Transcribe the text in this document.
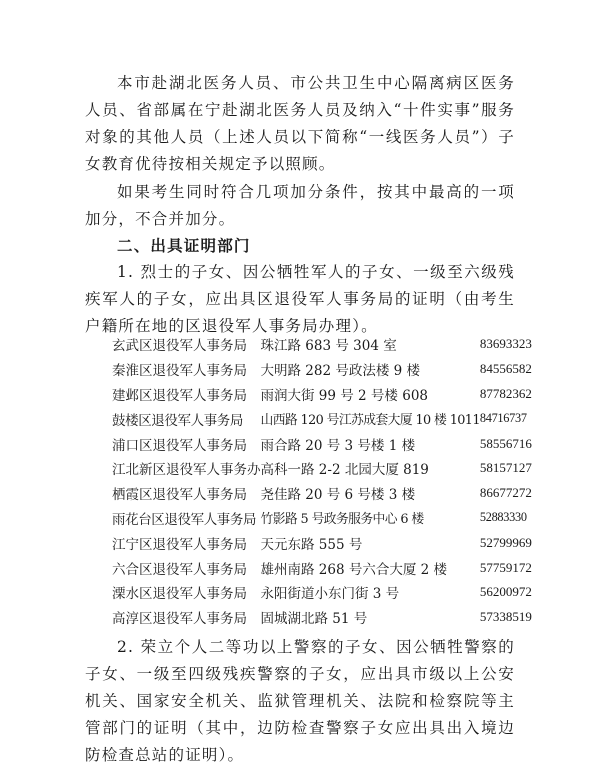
本市赴湖北医务人员、市公共卫生中心隔离病区医务人员、省部属在宁赴湖北医务人员及纳入“十件实事”服务对象的其他人员（上述人员以下简称“一线医务人员”）子女教育优待按相关规定予以照顾。

如果考生同时符合几项加分条件，按其中最高的一项加分，不合并加分。

二、出具证明部门

1. 烈士的子女、因公牺牲军人的子女、一级至六级残疾军人的子女，应出具区退役军人事务局的证明（由考生户籍所在地的区退役军人事务局办理）。

玄武区退役军人事务局	珠江路 683 号 304 室	83693323
秦淮区退役军人事务局	大明路 282 号政法楼 9 楼	84556582
建邺区退役军人事务局	雨润大街 99 号 2 号楼 608	87782362
鼓楼区退役军人事务局	山西路 120 号江苏成套大厦 10 楼 1011	84716737
浦口区退役军人事务局	雨合路 20 号 3 号楼 1 楼	58556716
江北新区退役军人事务办	高科一路 2-2 北园大厦 819	58157127
栖霞区退役军人事务局	尧佳路 20 号 6 号楼 3 楼	86677272
雨花台区退役军人事务局	竹影路 5 号政务服务中心 6 楼	52883330
江宁区退役军人事务局	天元东路 555 号	52799969
六合区退役军人事务局	雄州南路 268 号六合大厦 2 楼	57759172
溧水区退役军人事务局	永阳街道小东门街 3 号	56200972
高淳区退役军人事务局	固城湖北路 51 号	57338519

2. 荣立个人二等功以上警察的子女、因公牺牲警察的子女、一级至四级残疾警察的子女，应出具市级以上公安机关、国家安全机关、监狱管理机关、法院和检察院等主管部门的证明（其中，边防检查警察子女应出具出入境边防检查总站的证明）。
